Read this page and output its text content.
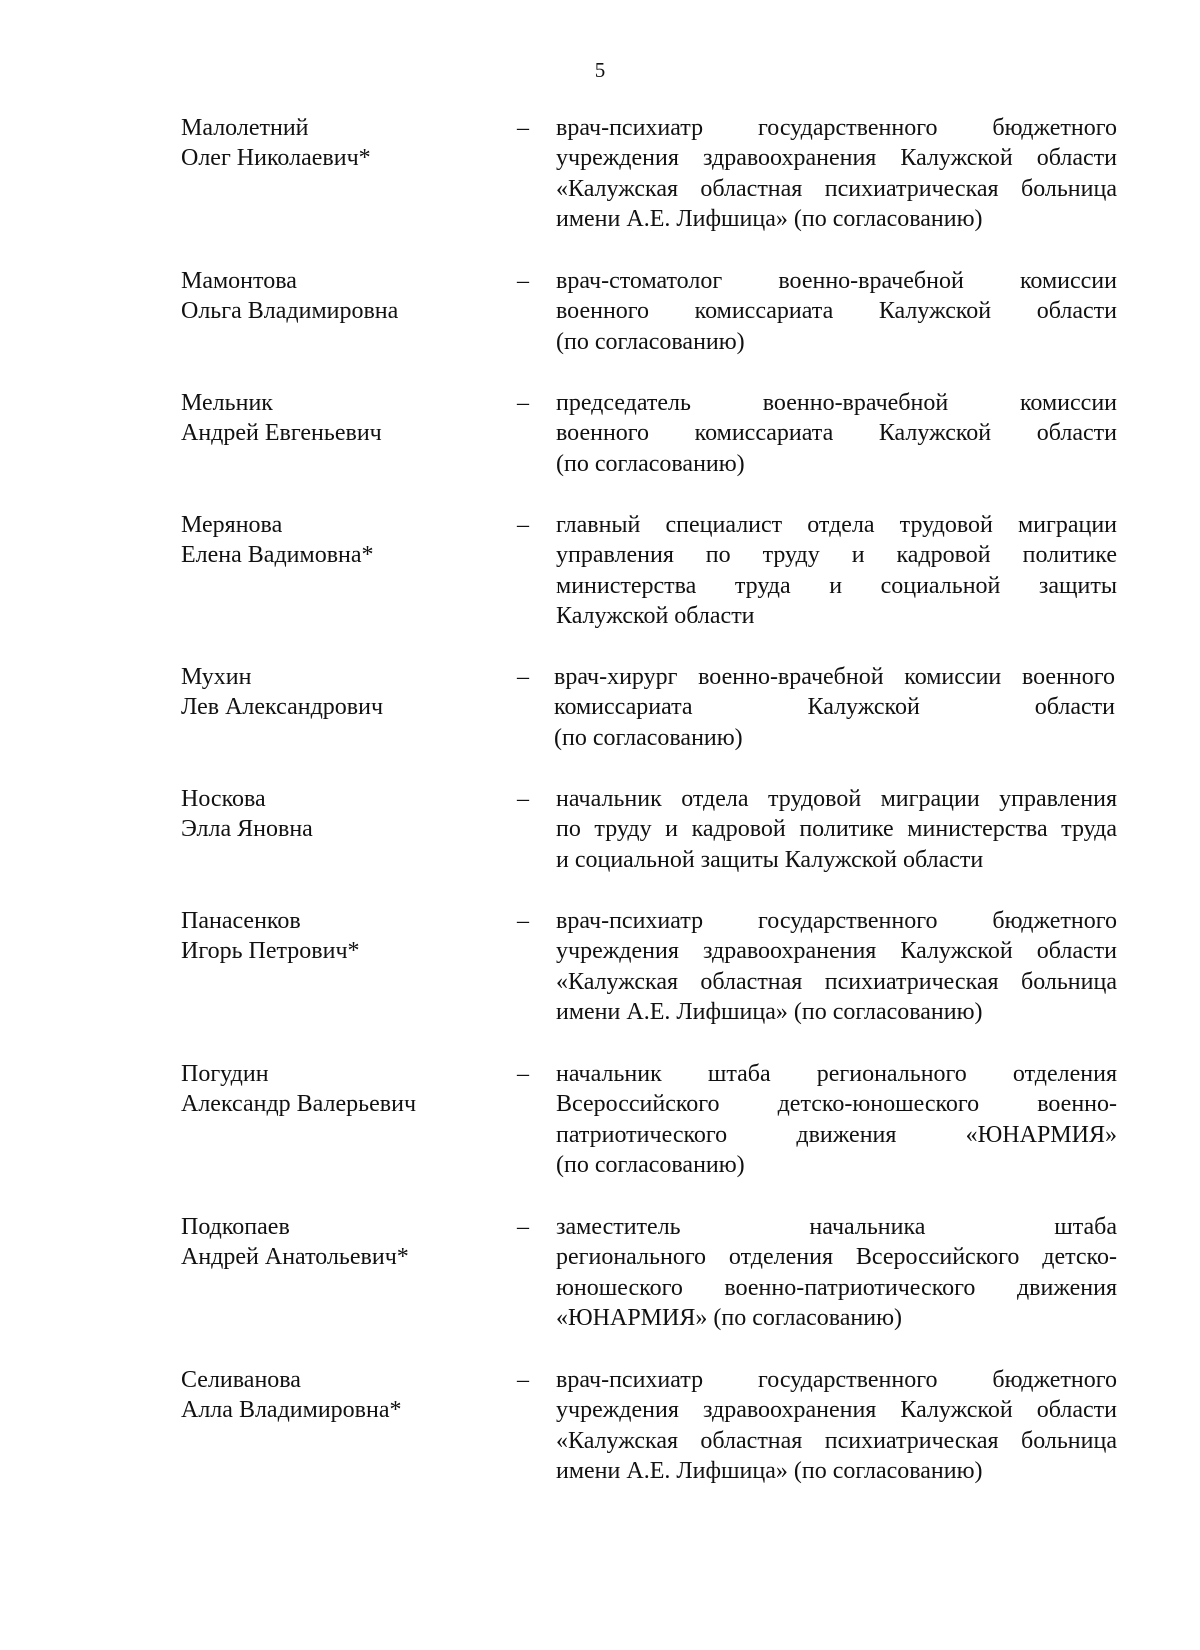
5
Малолетний
Олег Николаевич*
– врач-психиатр государственного бюджетного
учреждения здравоохранения Калужской области
«Калужская областная психиатрическая больница
имени А.Е. Лифшица» (по согласованию)
Мамонтова
Ольга Владимировна
– врач-стоматолог военно-врачебной комиссии
военного комиссариата Калужской области
(по согласованию)
Мельник
Андрей Евгеньевич
– председатель военно-врачебной комиссии
военного комиссариата Калужской области
(по согласованию)
Мерянова
Елена Вадимовна*
– главный специалист отдела трудовой миграции
управления по труду и кадровой политике
министерства труда и социальной защиты
Калужской области
Мухин
Лев Александрович
– врач-хирург военно-врачебной комиссии военного
комиссариата Калужской области
(по согласованию)
Носкова
Элла Яновна
– начальник отдела трудовой миграции управления
по труду и кадровой политике министерства труда
и социальной защиты Калужской области
Панасенков
Игорь Петрович*
– врач-психиатр государственного бюджетного
учреждения здравоохранения Калужской области
«Калужская областная психиатрическая больница
имени А.Е. Лифшица» (по согласованию)
Погудин
Александр Валерьевич
– начальник штаба регионального отделения
Всероссийского детско-юношеского военно-
патриотического движения «ЮНАРМИЯ»
(по согласованию)
Подкопаев
Андрей Анатольевич*
– заместитель начальника штаба
регионального отделения Всероссийского детско-
юношеского военно-патриотического движения
«ЮНАРМИЯ» (по согласованию)
Селиванова
Алла Владимировна*
– врач-психиатр государственного бюджетного
учреждения здравоохранения Калужской области
«Калужская областная психиатрическая больница
имени А.Е. Лифшица» (по согласованию)
